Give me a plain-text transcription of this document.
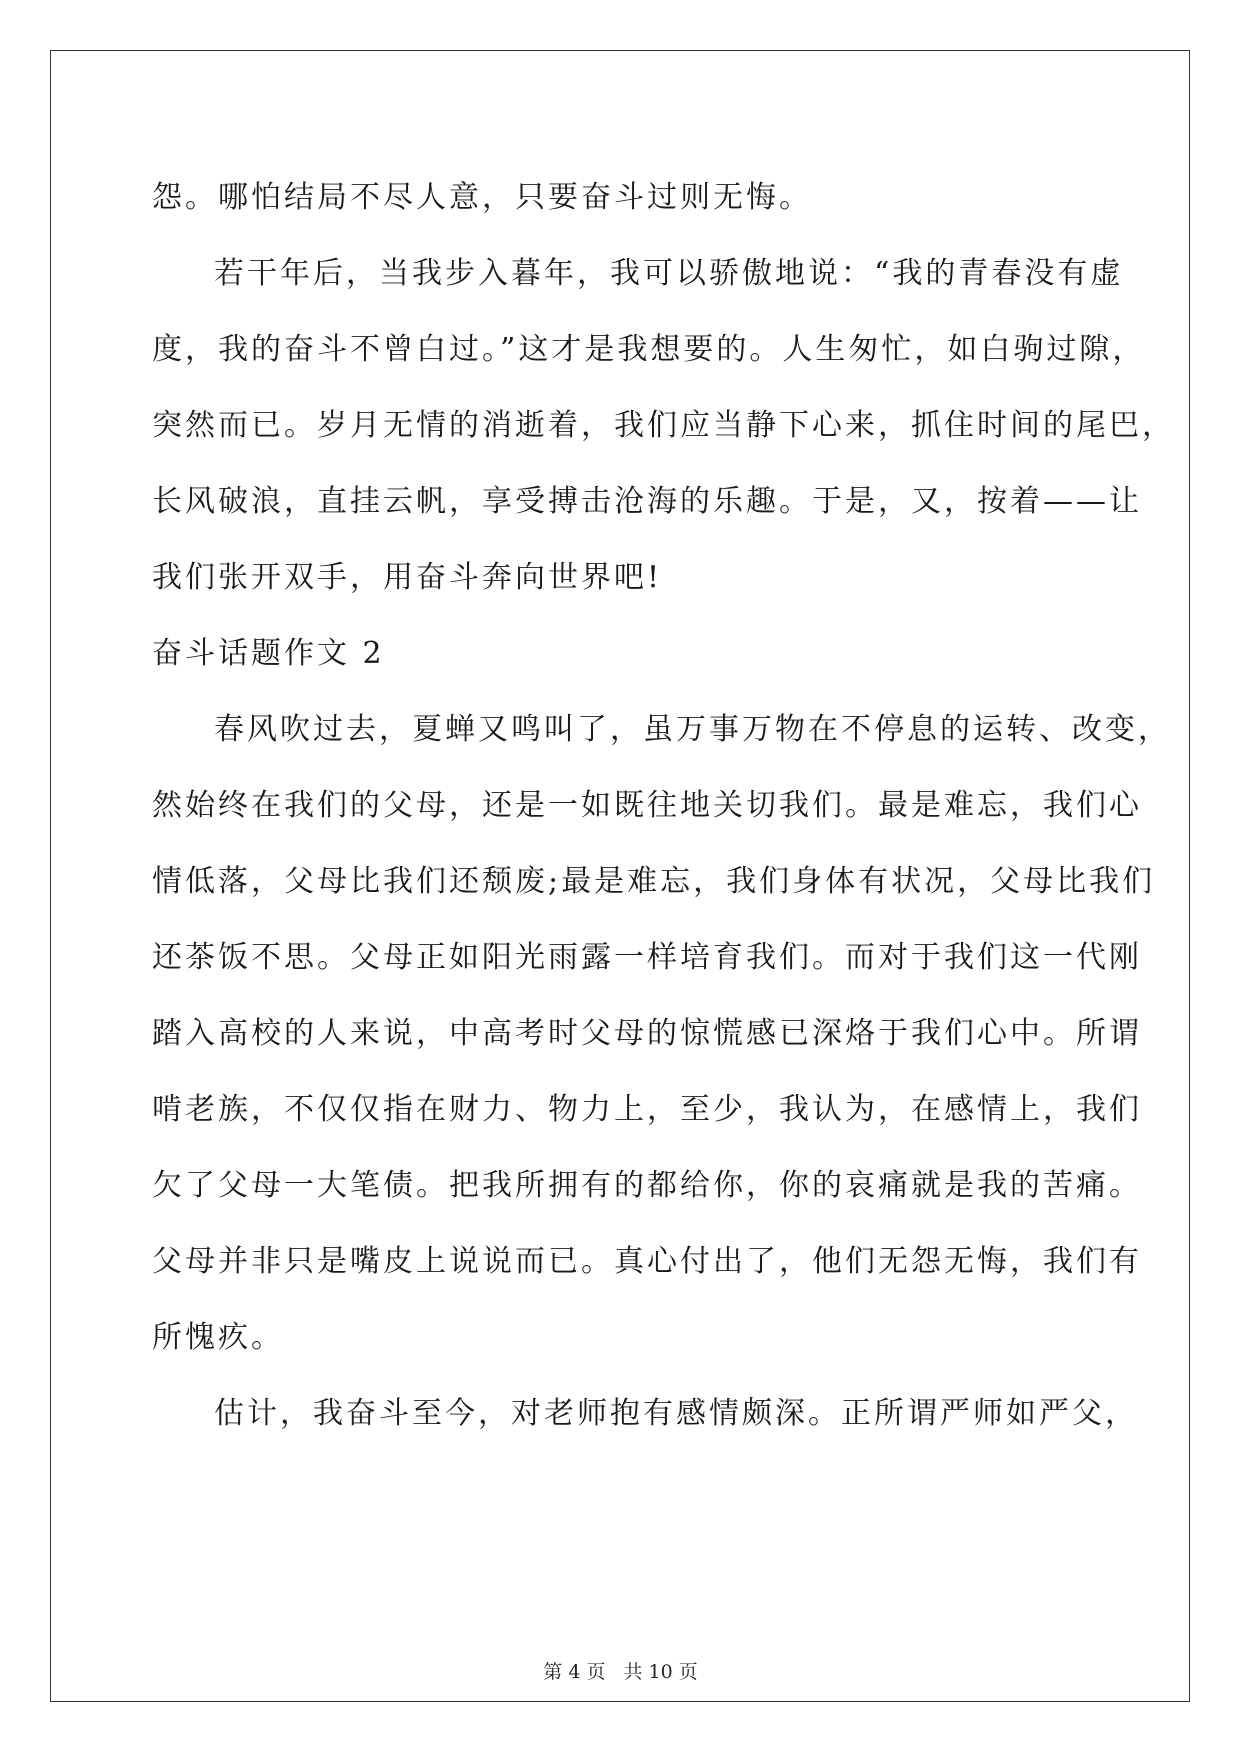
怨。哪怕结局不尽人意，只要奋斗过则无悔。
若干年后，当我步入暮年，我可以骄傲地说：“我的青春没有虚
度，我的奋斗不曾白过。”这才是我想要的。人生匆忙，如白驹过隙，
突然而已。岁月无情的消逝着，我们应当静下心来，抓住时间的尾巴，
长风破浪，直挂云帆，享受搏击沧海的乐趣。于是，又，按着——让
我们张开双手，用奋斗奔向世界吧!
奋斗话题作文 2
春风吹过去，夏蝉又鸣叫了，虽万事万物在不停息的运转、改变，
然始终在我们的父母，还是一如既往地关切我们。最是难忘，我们心
情低落，父母比我们还颓废;最是难忘，我们身体有状况，父母比我们
还茶饭不思。父母正如阳光雨露一样培育我们。而对于我们这一代刚
踏入高校的人来说，中高考时父母的惊慌感已深烙于我们心中。所谓
啃老族，不仅仅指在财力、物力上，至少，我认为，在感情上，我们
欠了父母一大笔债。把我所拥有的都给你，你的哀痛就是我的苦痛。
父母并非只是嘴皮上说说而已。真心付出了，他们无怨无悔，我们有
所愧疚。
估计，我奋斗至今，对老师抱有感情颇深。正所谓严师如严父，
第 4 页 共 10 页
